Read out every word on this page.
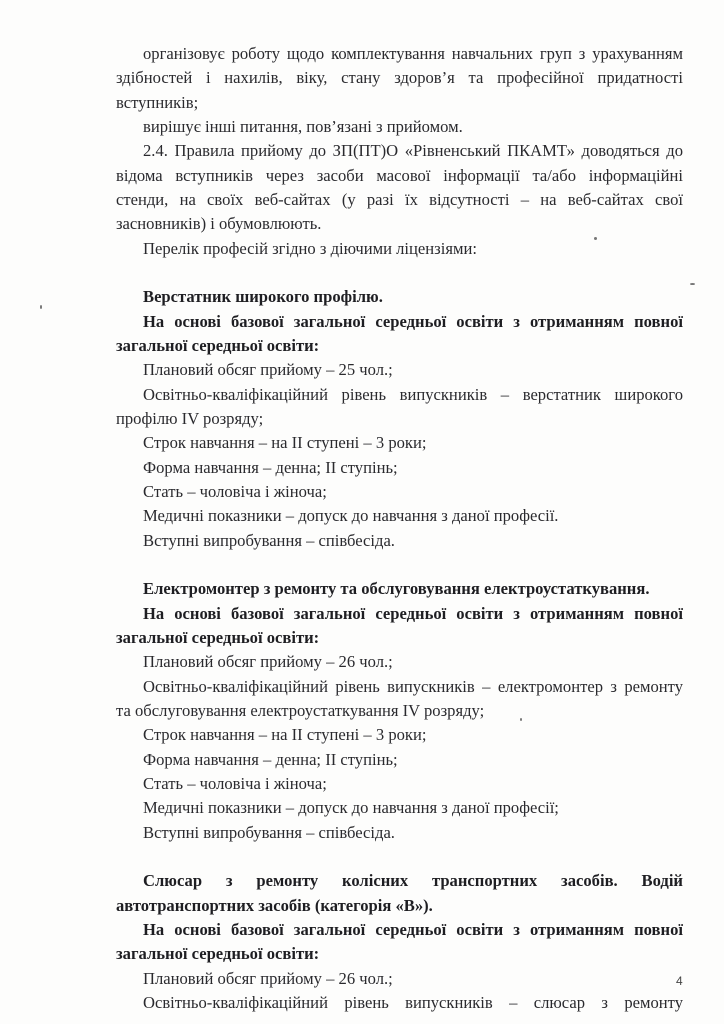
організовує роботу щодо комплектування навчальних груп з урахуванням
здібностей і нахилів, віку, стану здоров’я та професійної придатності
вступників;
вирішує інші питання, пов’язані з прийомом.
2.4. Правила прийому до ЗП(ПТ)О «Рівненський ПКАМТ» доводяться до
відома вступників через засоби масової інформації та/або інформаційні
стенди, на своїх веб-сайтах (у разі їх відсутності – на веб-сайтах свої
засновників) і обумовлюють.
Перелік професій згідно з діючими ліцензіями:
Верстатник широкого профілю.
На основі базової загальної середньої освіти з отриманням повної
загальної середньої освіти:
Плановий обсяг прийому – 25 чол.;
Освітньо-кваліфікаційний рівень випускників – верстатник широкого
профілю IV розряду;
Строк навчання – на ІІ ступені – 3 роки;
Форма навчання – денна; ІІ ступінь;
Стать – чоловіча і жіноча;
Медичні показники – допуск до навчання з даної професії.
Вступні випробування – співбесіда.
Електромонтер з ремонту та обслуговування електроустаткування.
На основі базової загальної середньої освіти з отриманням повної
загальної середньої освіти:
Плановий обсяг прийому – 26 чол.;
Освітньо-кваліфікаційний рівень випускників – електромонтер з ремонту
та обслуговування електроустаткування IV розряду;
Строк навчання – на ІІ ступені – 3 роки;
Форма навчання – денна; ІІ ступінь;
Стать – чоловіча і жіноча;
Медичні показники – допуск до навчання з даної професії;
Вступні випробування – співбесіда.
Слюсар з ремонту колісних транспортних засобів. Водій
автотранспортних засобів (категорія «В»).
На основі базової загальної середньої освіти з отриманням повної
загальної середньої освіти:
Плановий обсяг прийому – 26 чол.;
Освітньо-кваліфікаційний рівень випускників – слюсар з ремонту
4
